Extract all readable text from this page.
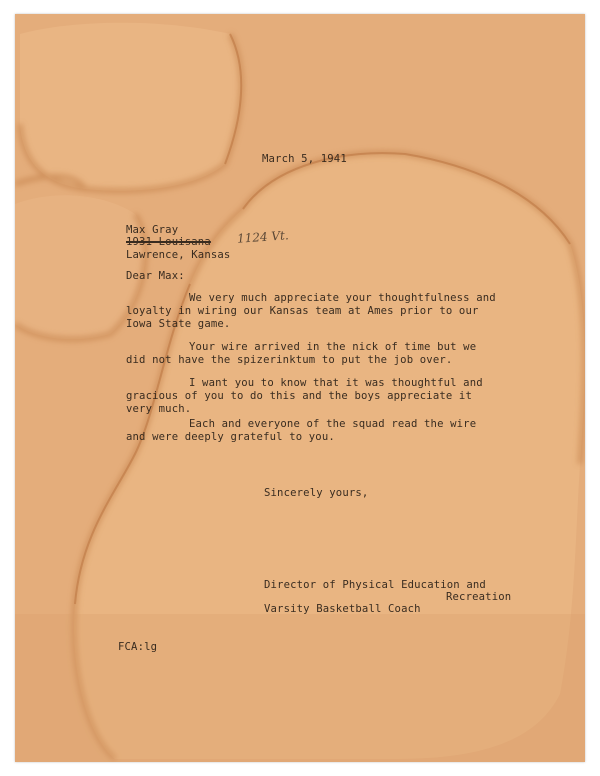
March 5, 1941
Max Gray
1931 Louisana 1124 Vt.
Lawrence, Kansas
Dear Max:
We very much appreciate your thoughtfulness and
loyalty in wiring our Kansas team at Ames prior to our
Iowa State game.
Your wire arrived in the nick of time but we
did not have the spizerinktum to put the job over.
I want you to know that it was thoughtful and
gracious of you to do this and the boys appreciate it
very much.
Each and everyone of the squad read the wire
and were deeply grateful to you.
Sincerely yours,
Director of Physical Education and
Recreation
Varsity Basketball Coach
FCA:lg
